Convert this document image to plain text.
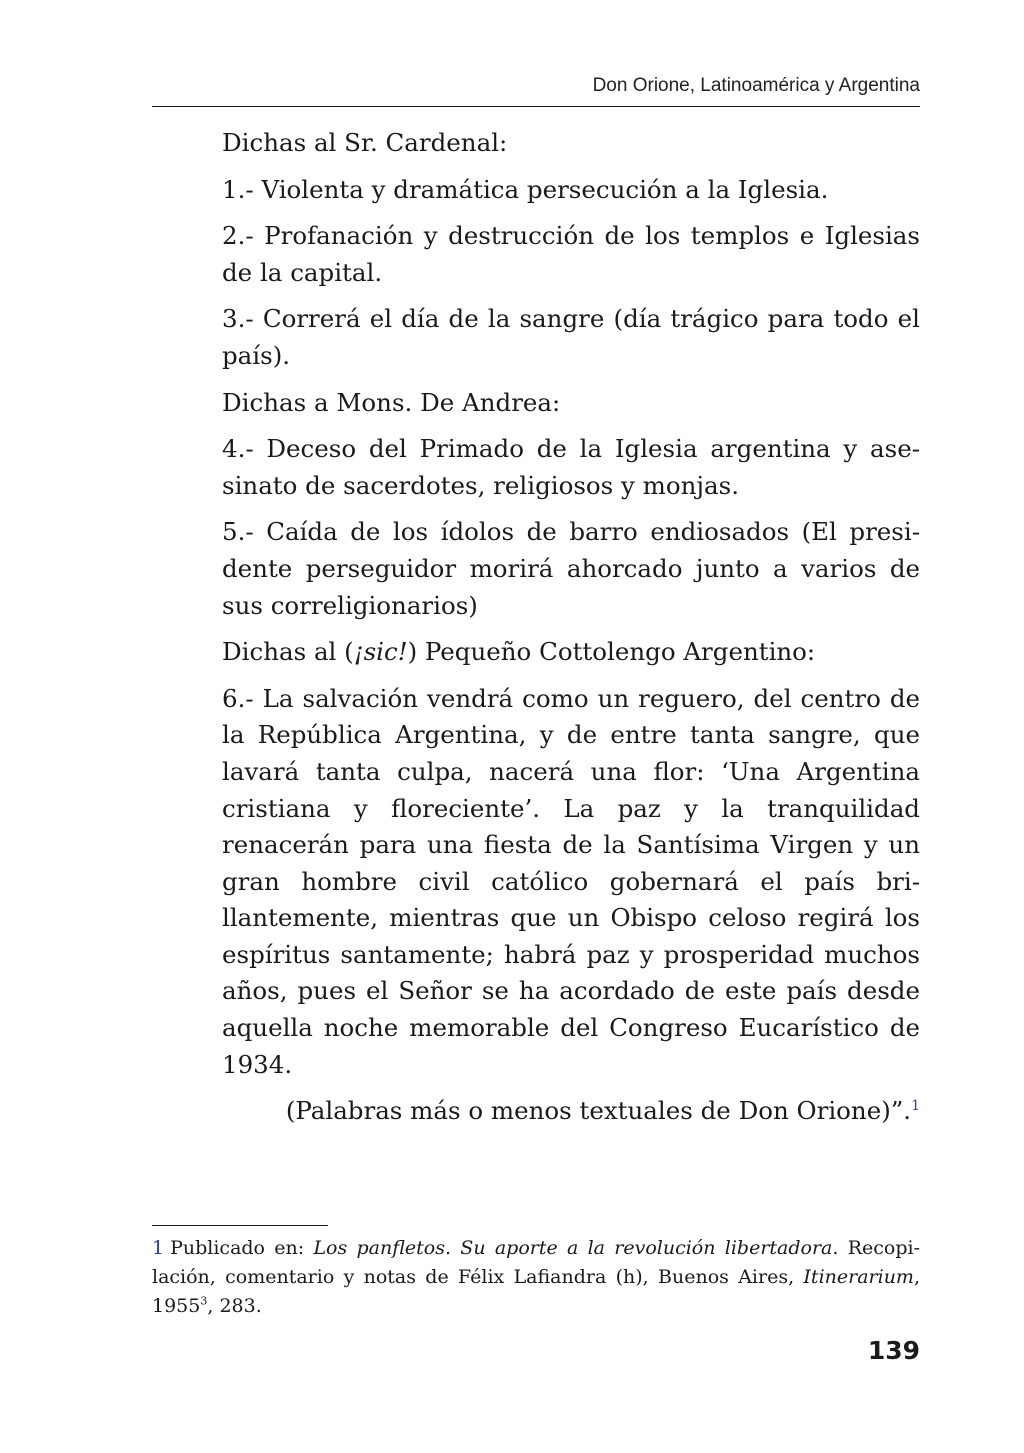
Don Orione, Latinoamérica y Argentina

Dichas al Sr. Cardenal:

1.- Violenta y dramática persecución a la Iglesia.

2.- Profanación y destrucción de los templos e Iglesias de la capital.

3.- Correrá el día de la sangre (día trágico para todo el país).

Dichas a Mons. De Andrea:

4.- Deceso del Primado de la Iglesia argentina y asesinato de sacerdotes, religiosos y monjas.

5.- Caída de los ídolos de barro endiosados (El presidente perseguidor morirá ahorcado junto a varios de sus correligionarios)

Dichas al (¡sic!) Pequeño Cottolengo Argentino:

6.- La salvación vendrá como un reguero, del centro de la República Argentina, y de entre tanta sangre, que lavará tanta culpa, nacerá una flor: ‘Una Argentina cristiana y floreciente’. La paz y la tranquilidad renacerán para una fiesta de la Santísima Virgen y un gran hombre civil católico gobernará el país brillantemente, mientras que un Obispo celoso regirá los espíritus santamente; habrá paz y prosperidad muchos años, pues el Señor se ha acordado de este país desde aquella noche memorable del Congreso Eucarístico de 1934.

(Palabras más o menos textuales de Don Orione)”.$^1$

1 Publicado en: Los panfletos. Su aporte a la revolución libertadora. Recopilación, comentario y notas de Félix Lafiandra (h), Buenos Aires, Itinerarium, 1955$^3$, 283.
139
